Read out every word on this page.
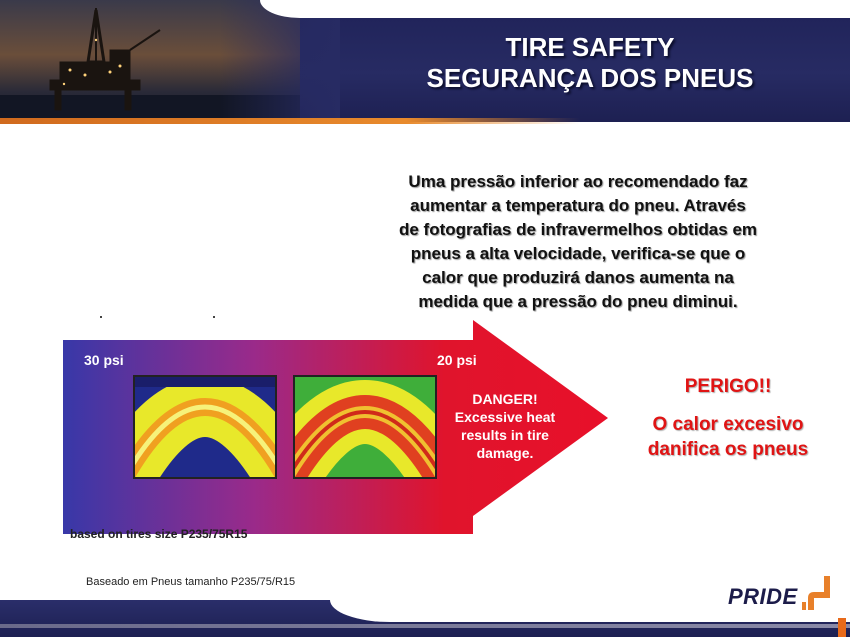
TIRE SAFETY
SEGURANÇA DOS PNEUS
Uma pressão inferior ao recomendado faz
aumentar a temperatura do pneu. Através
de fotografias de infravermelhos obtidas em
pneus a alta velocidade, verifica-se que o
calor que produzirá danos aumenta na
medida que a pressão do pneu diminui.
30 psi	20 psi
DANGER!
Excessive heat
results in tire
damage.
based on tires size P235/75R15
Baseado em Pneus tamanho P235/75/R15
PERIGO!!
O calor excesivo
danifica os pneus
PRIDE
